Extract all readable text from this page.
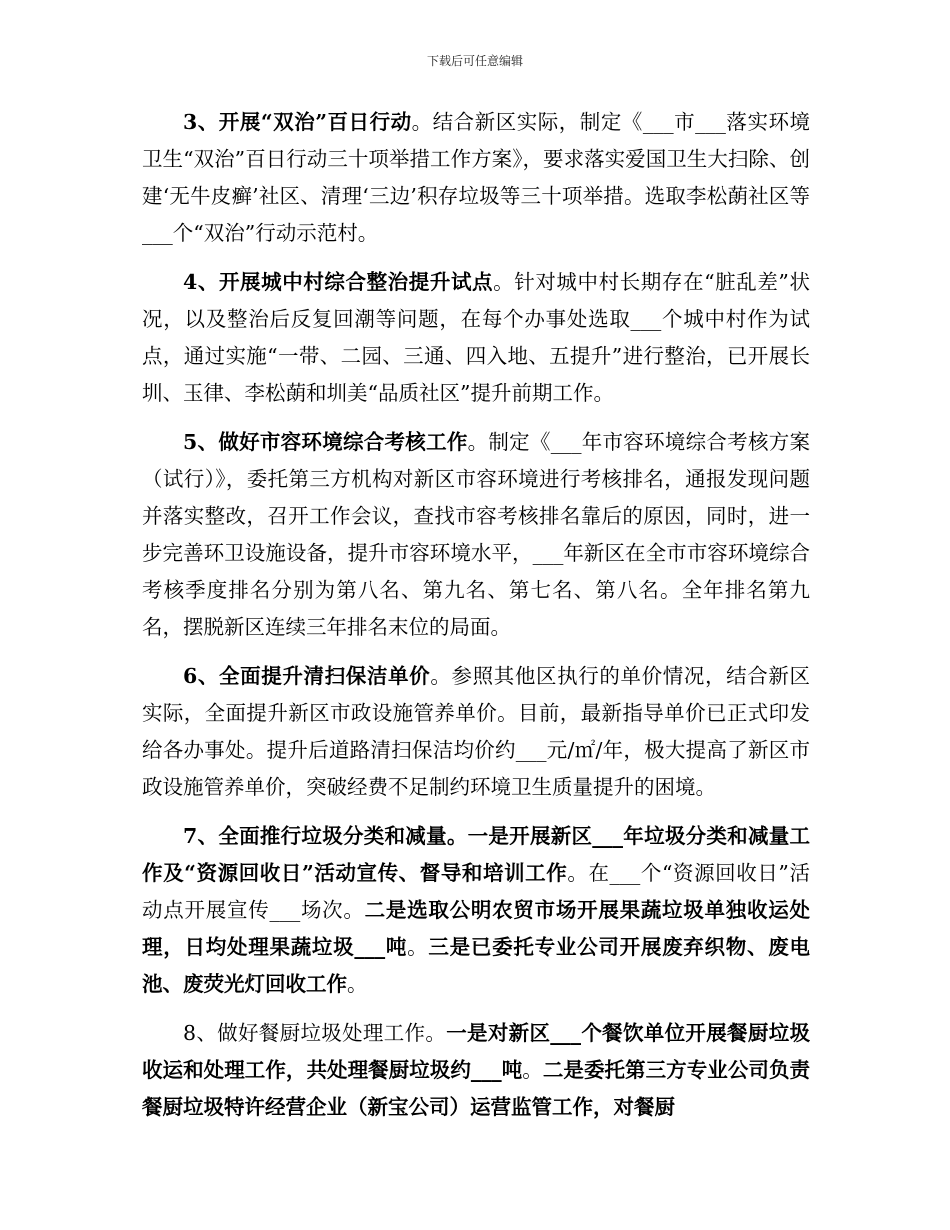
下载后可任意编辑

3、开展“双治”百日行动。结合新区实际，制定《___市___落实环境卫生“双治”百日行动三十项举措工作方案》，要求落实爱国卫生大扫除、创建‘无牛皮癣’社区、清理‘三边’积存垃圾等三十项举措。选取李松蓢社区等___个“双治”行动示范村。

4、开展城中村综合整治提升试点。针对城中村长期存在“脏乱差”状况，以及整治后反复回潮等问题，在每个办事处选取___个城中村作为试点，通过实施“一带、二园、三通、四入地、五提升”进行整治，已开展长圳、玉律、李松蓢和圳美“品质社区”提升前期工作。

5、做好市容环境综合考核工作。制定《___年市容环境综合考核方案（试行）》，委托第三方机构对新区市容环境进行考核排名，通报发现问题并落实整改，召开工作会议，查找市容考核排名靠后的原因，同时，进一步完善环卫设施设备，提升市容环境水平，___年新区在全市市容环境综合考核季度排名分别为第八名、第九名、第七名、第八名。全年排名第九名，摆脱新区连续三年排名末位的局面。

6、全面提升清扫保洁单价。参照其他区执行的单价情况，结合新区实际，全面提升新区市政设施管养单价。目前，最新指导单价已正式印发给各办事处。提升后道路清扫保洁均价约___元/㎡/年，极大提高了新区市政设施管养单价，突破经费不足制约环境卫生质量提升的困境。

7、全面推行垃圾分类和减量。一是开展新区___年垃圾分类和减量工作及“资源回收日”活动宣传、督导和培训工作。在___个“资源回收日”活动点开展宣传___场次。二是选取公明农贸市场开展果蔬垃圾单独收运处理，日均处理果蔬垃圾___吨。三是已委托专业公司开展废弃织物、废电池、废荧光灯回收工作。

8、做好餐厨垃圾处理工作。一是对新区___个餐饮单位开展餐厨垃圾收运和处理工作，共处理餐厨垃圾约___吨。二是委托第三方专业公司负责餐厨垃圾特许经营企业（新宝公司）运营监管工作，对餐厨
